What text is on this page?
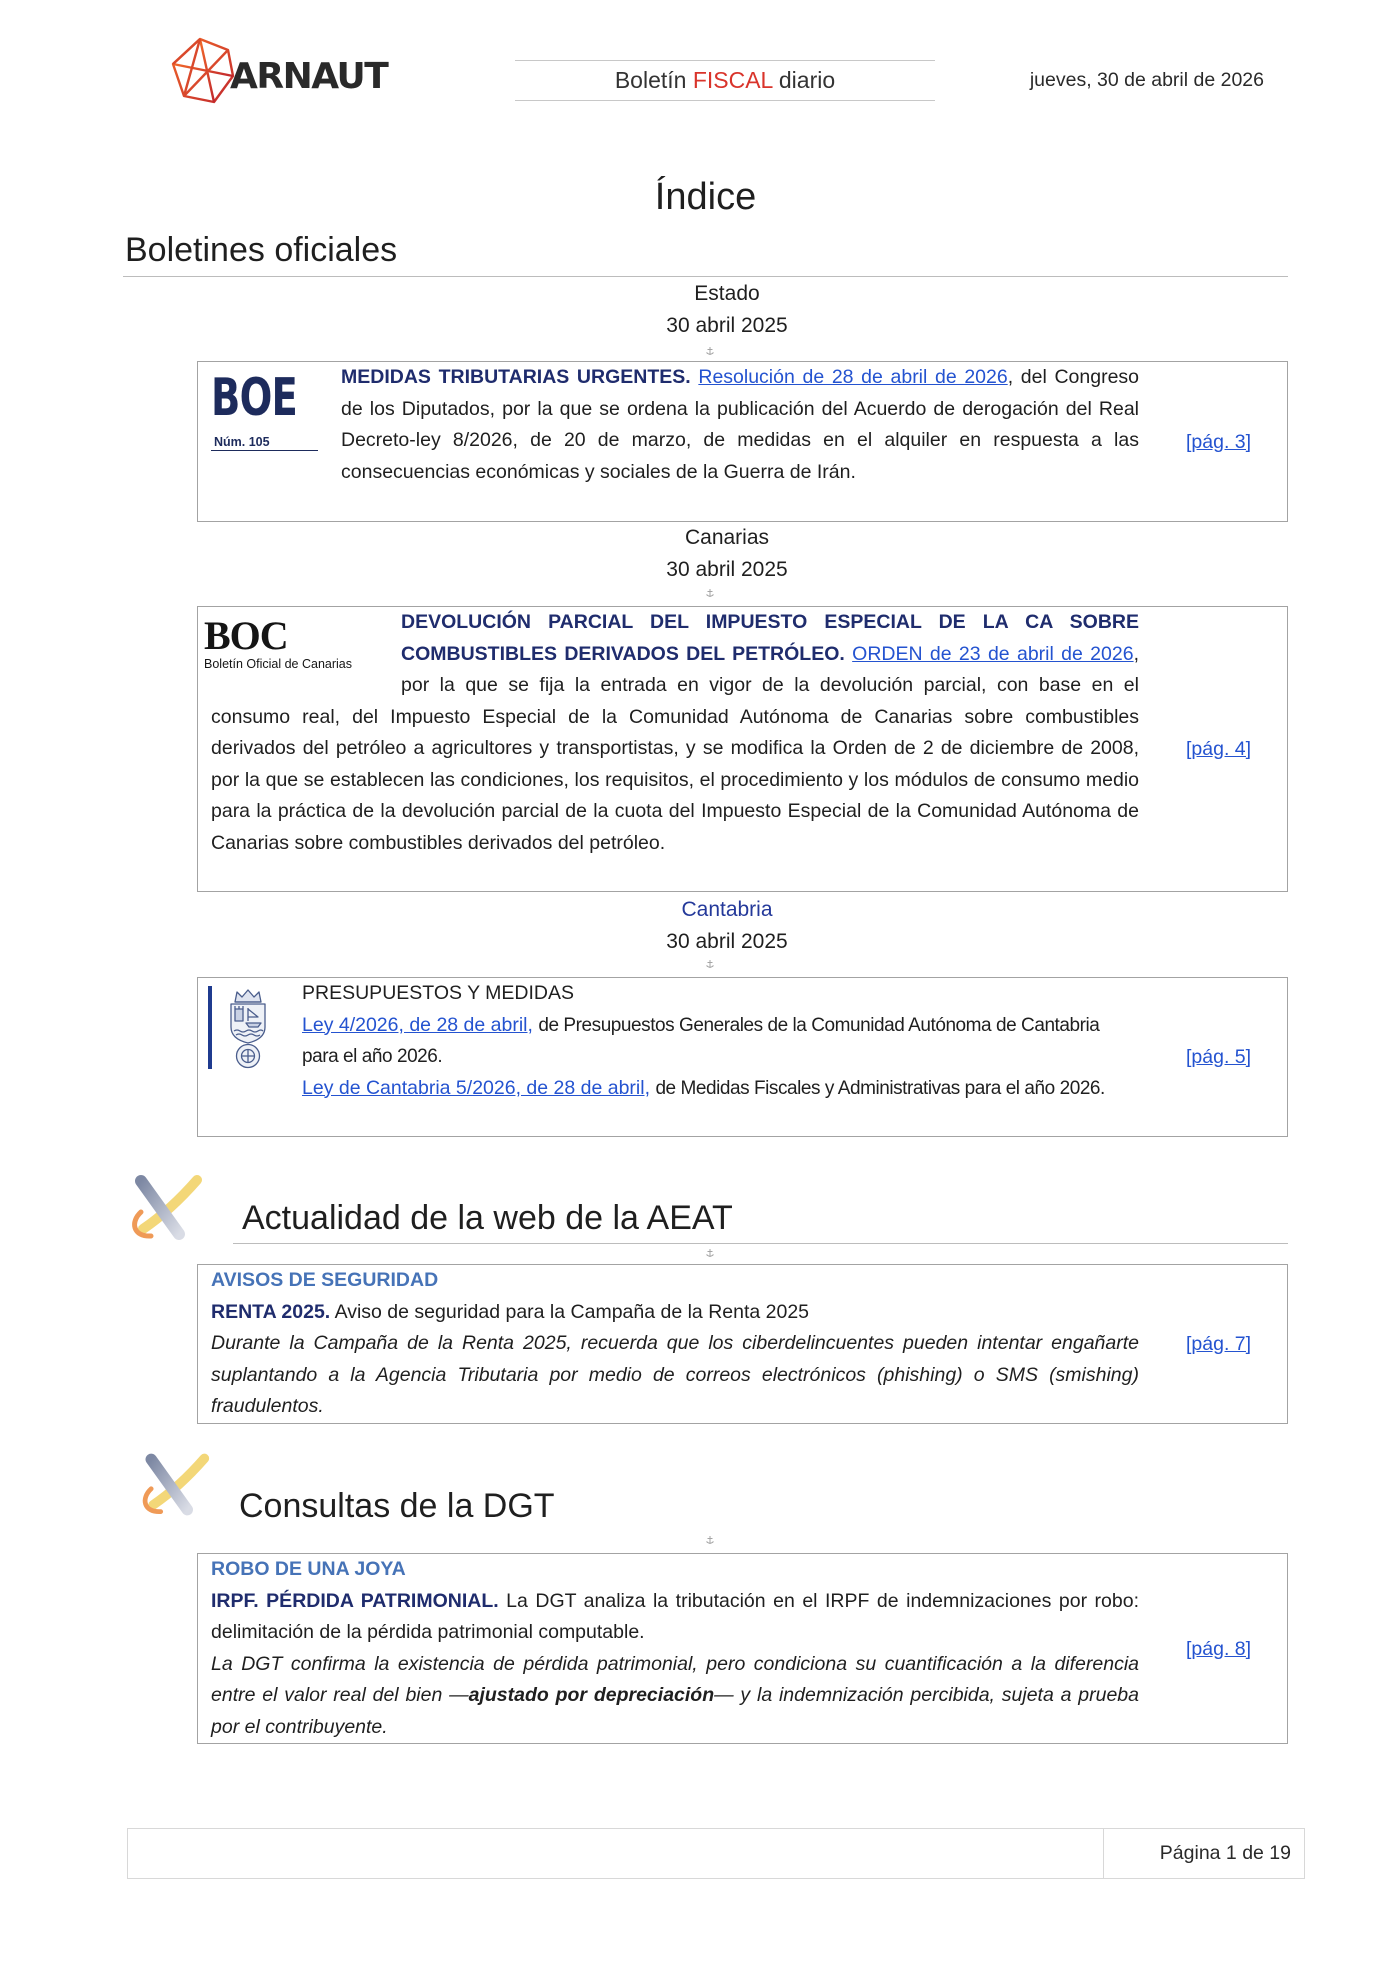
ARNAUT	Boletín FISCAL diario	jueves, 30 de abril de 2026
Índice
Boletines oficiales
Estado
30 abril 2025
BOE
Núm. 105
MEDIDAS TRIBUTARIAS URGENTES. Resolución de 28 de abril de 2026, del Congreso de los Diputados, por la que se ordena la publicación del Acuerdo de derogación del Real Decreto-ley 8/2026, de 20 de marzo, de medidas en el alquiler en respuesta a las consecuencias económicas y sociales de la Guerra de Irán.
[pág. 3]
Canarias
30 abril 2025
BOC
Boletín Oficial de Canarias
DEVOLUCIÓN PARCIAL DEL IMPUESTO ESPECIAL DE LA CA SOBRE COMBUSTIBLES DERIVADOS DEL PETRÓLEO. ORDEN de 23 de abril de 2026, por la que se fija la entrada en vigor de la devolución parcial, con base en el consumo real, del Impuesto Especial de la Comunidad Autónoma de Canarias sobre combustibles derivados del petróleo a agricultores y transportistas, y se modifica la Orden de 2 de diciembre de 2008, por la que se establecen las condiciones, los requisitos, el procedimiento y los módulos de consumo medio para la práctica de la devolución parcial de la cuota del Impuesto Especial de la Comunidad Autónoma de Canarias sobre combustibles derivados del petróleo.
[pág. 4]
Cantabria
30 abril 2025
PRESUPUESTOS Y MEDIDAS
Ley 4/2026, de 28 de abril, de Presupuestos Generales de la Comunidad Autónoma de Cantabria para el año 2026.
Ley de Cantabria 5/2026, de 28 de abril, de Medidas Fiscales y Administrativas para el año 2026.
[pág. 5]
Actualidad de la web de la AEAT
AVISOS DE SEGURIDAD
RENTA 2025. Aviso de seguridad para la Campaña de la Renta 2025
Durante la Campaña de la Renta 2025, recuerda que los ciberdelincuentes pueden intentar engañarte suplantando a la Agencia Tributaria por medio de correos electrónicos (phishing) o SMS (smishing) fraudulentos.
[pág. 7]
Consultas de la DGT
ROBO DE UNA JOYA
IRPF. PÉRDIDA PATRIMONIAL. La DGT analiza la tributación en el IRPF de indemnizaciones por robo: delimitación de la pérdida patrimonial computable.
La DGT confirma la existencia de pérdida patrimonial, pero condiciona su cuantificación a la diferencia entre el valor real del bien —ajustado por depreciación— y la indemnización percibida, sujeta a prueba por el contribuyente.
[pág. 8]
Página 1 de 19
